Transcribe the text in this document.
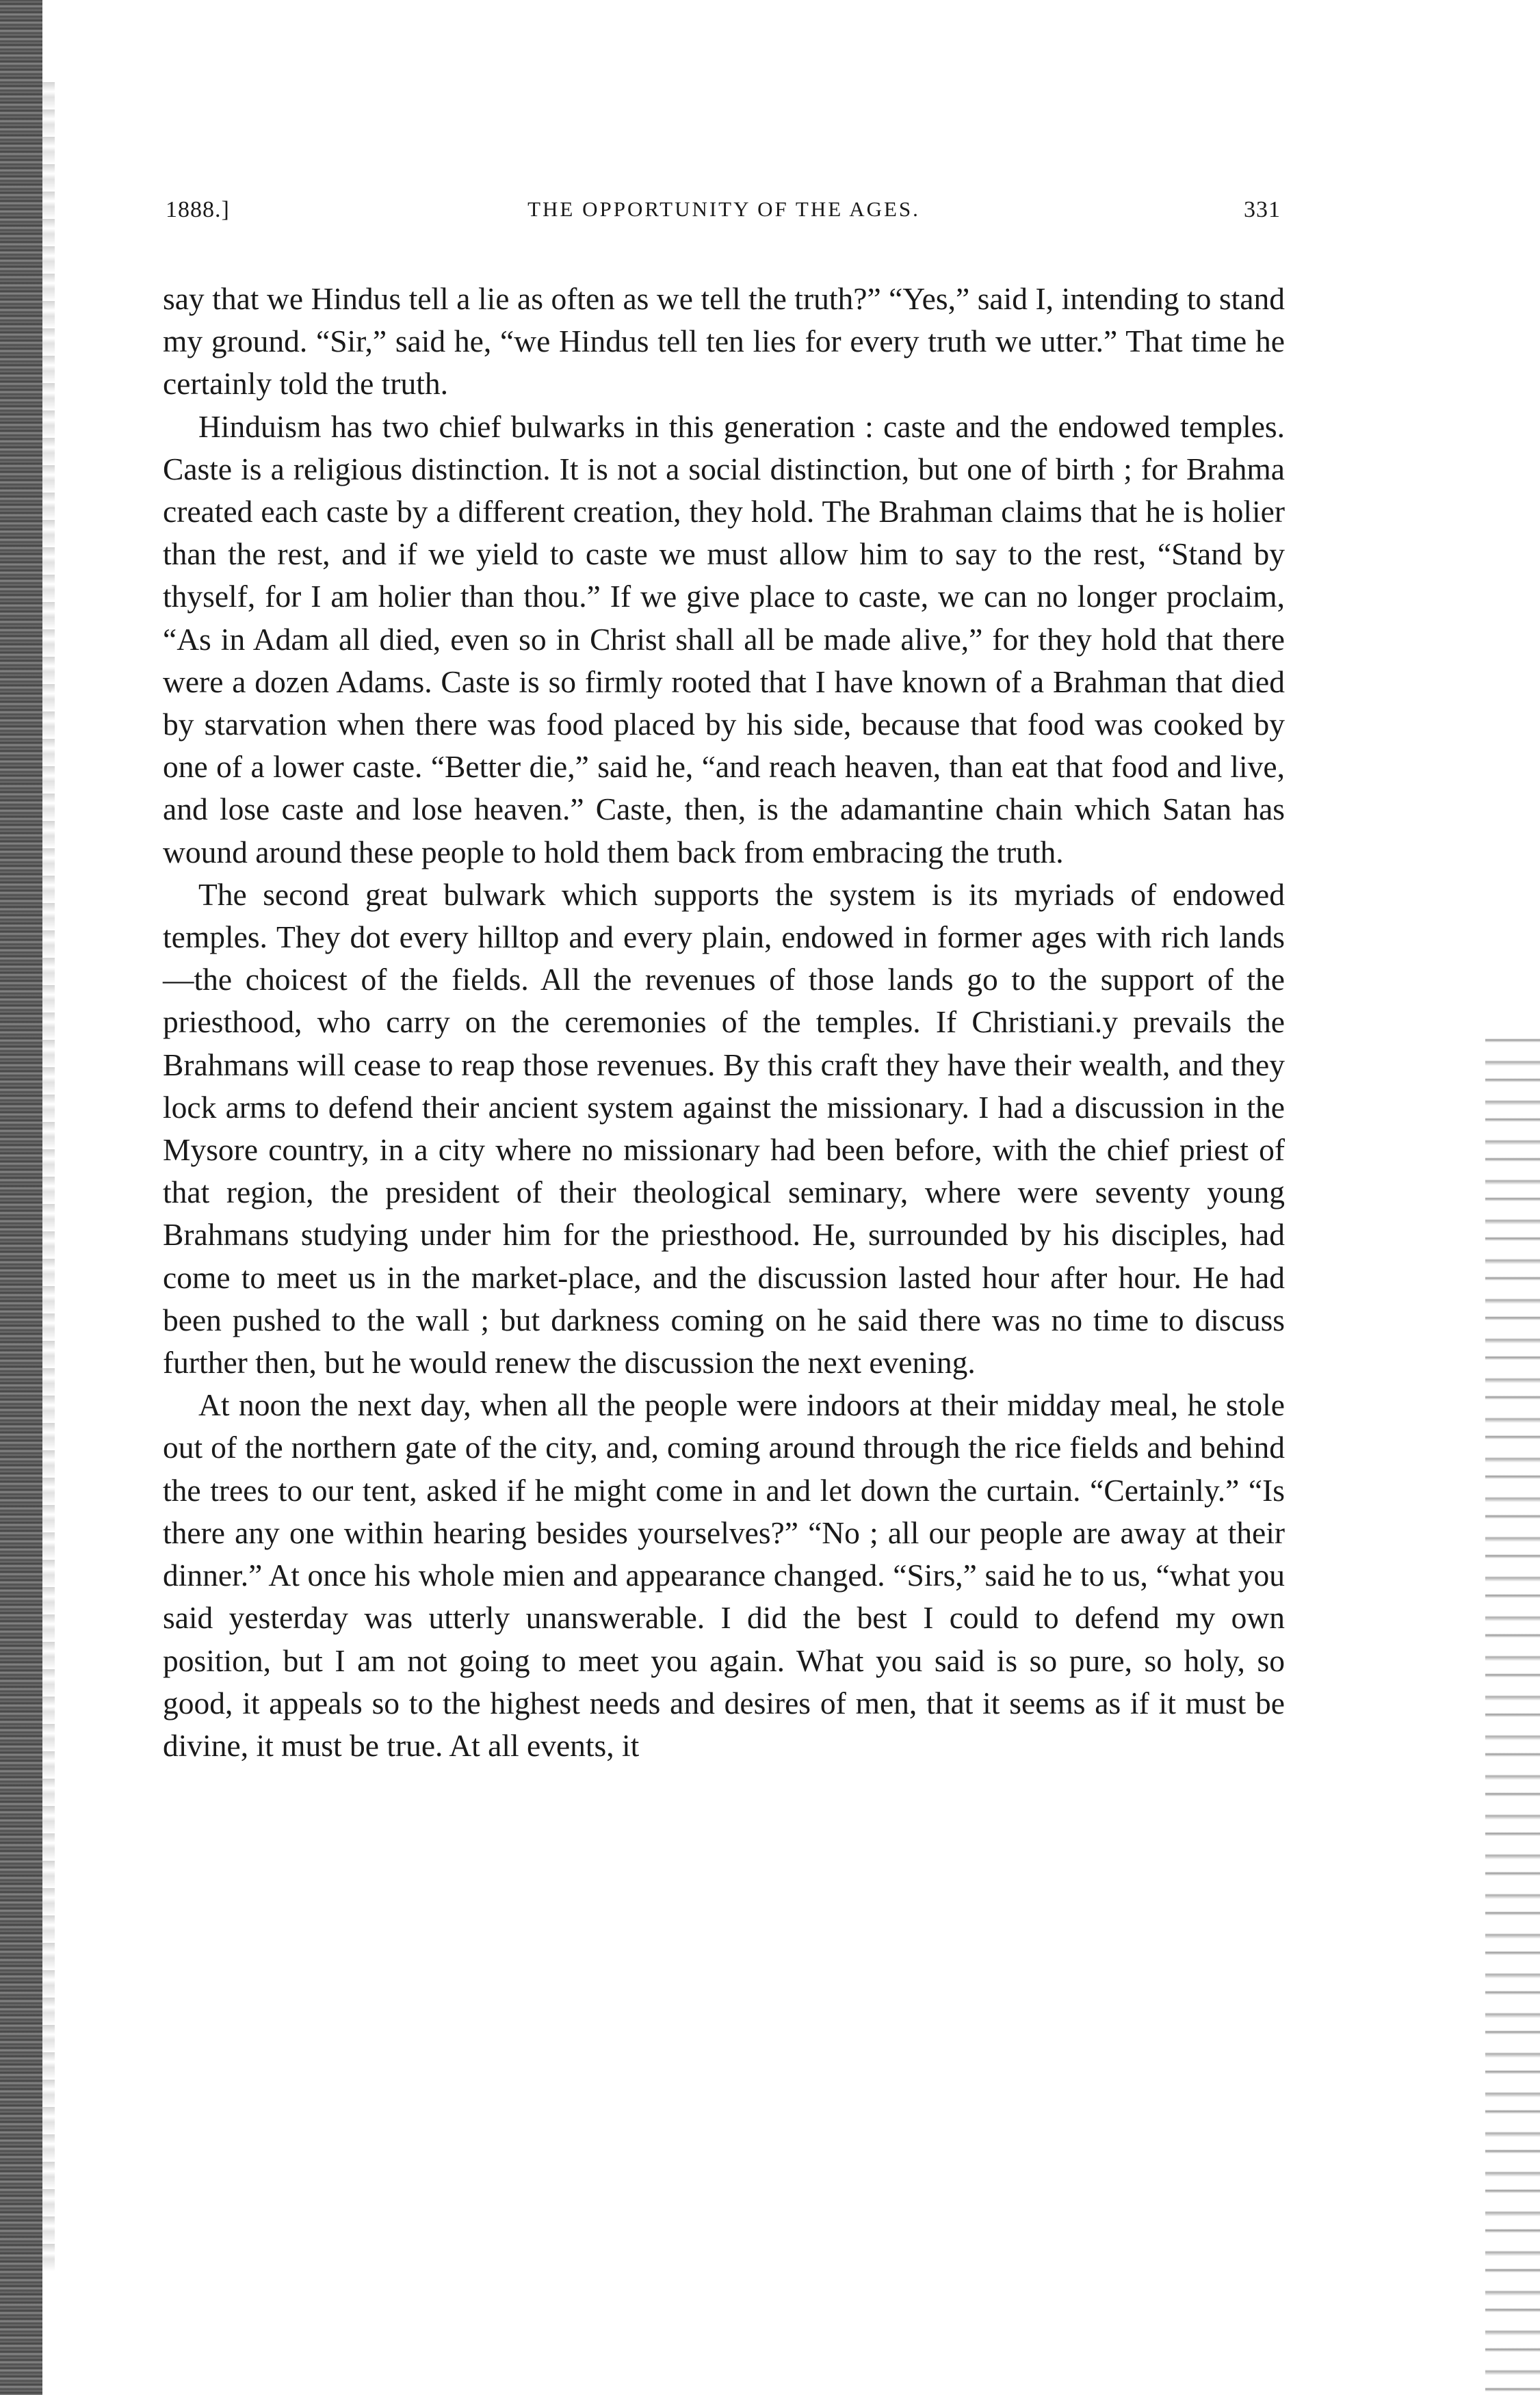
1888.]	THE OPPORTUNITY OF THE AGES.	331

say that we Hindus tell a lie as often as we tell the truth?” “Yes,” said I, intending to stand my ground. “Sir,” said he, “we Hindus tell ten lies for every truth we utter.” That time he certainly told the truth.

Hinduism has two chief bulwarks in this generation : caste and the endowed temples. Caste is a religious distinction. It is not a social distinction, but one of birth ; for Brahma created each caste by a different creation, they hold. The Brahman claims that he is holier than the rest, and if we yield to caste we must allow him to say to the rest, “Stand by thyself, for I am holier than thou.” If we give place to caste, we can no longer proclaim, “As in Adam all died, even so in Christ shall all be made alive,” for they hold that there were a dozen Adams. Caste is so firmly rooted that I have known of a Brahman that died by starvation when there was food placed by his side, because that food was cooked by one of a lower caste. “Better die,” said he, “and reach heaven, than eat that food and live, and lose caste and lose heaven.” Caste, then, is the adamantine chain which Satan has wound around these people to hold them back from embracing the truth.

The second great bulwark which supports the system is its myriads of endowed temples. They dot every hilltop and every plain, endowed in former ages with rich lands—the choicest of the fields. All the revenues of those lands go to the support of the priesthood, who carry on the ceremonies of the temples. If Christiani.y prevails the Brahmans will cease to reap those revenues. By this craft they have their wealth, and they lock arms to defend their ancient system against the missionary. I had a discussion in the Mysore country, in a city where no missionary had been before, with the chief priest of that region, the president of their theological seminary, where were seventy young Brahmans studying under him for the priesthood. He, surrounded by his disciples, had come to meet us in the market-place, and the discussion lasted hour after hour. He had been pushed to the wall ; but darkness coming on he said there was no time to discuss further then, but he would renew the discussion the next evening.

At noon the next day, when all the people were indoors at their midday meal, he stole out of the northern gate of the city, and, coming around through the rice fields and behind the trees to our tent, asked if he might come in and let down the curtain. “Certainly.” “Is there any one within hearing besides yourselves?” “No ; all our people are away at their dinner.” At once his whole mien and appearance changed. “Sirs,” said he to us, “what you said yesterday was utterly unanswerable. I did the best I could to defend my own position, but I am not going to meet you again. What you said is so pure, so holy, so good, it appeals so to the highest needs and desires of men, that it seems as if it must be divine, it must be true. At all events, it
